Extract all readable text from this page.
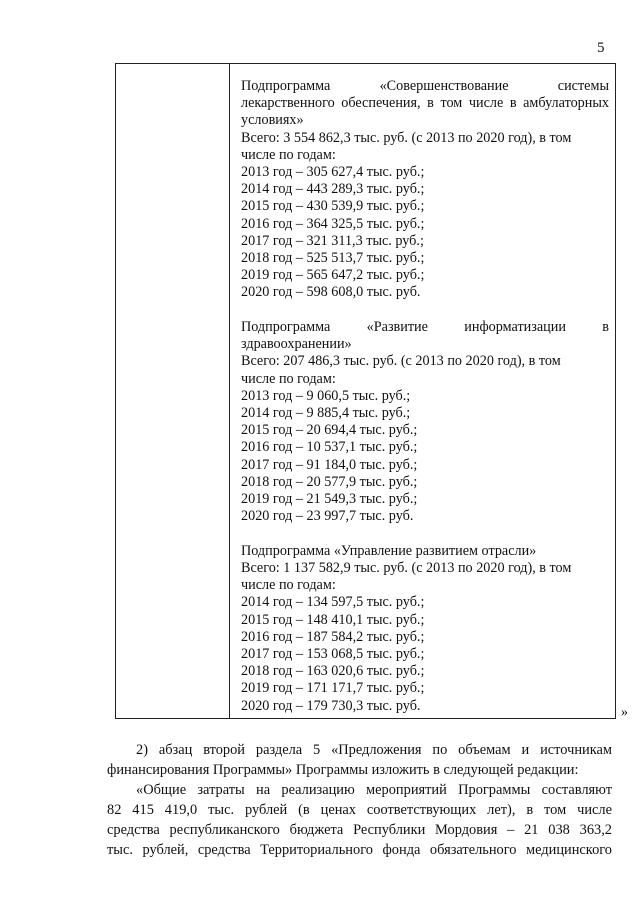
5
Подпрограмма «Совершенствование системы лекарственного обеспечения, в том числе в амбулаторных условиях»
Всего: 3 554 862,3 тыс. руб. (с 2013 по 2020 год), в том
числе по годам:
2013 год – 305 627,4 тыс. руб.;
2014 год – 443 289,3 тыс. руб.;
2015 год – 430 539,9 тыс. руб.;
2016 год – 364 325,5 тыс. руб.;
2017 год – 321 311,3 тыс. руб.;
2018 год – 525 513,7 тыс. руб.;
2019 год – 565 647,2 тыс. руб.;
2020 год – 598 608,0 тыс. руб.
Подпрограмма «Развитие информатизации в здравоохранении»
Всего: 207 486,3 тыс. руб. (с 2013 по 2020 год), в том
числе по годам:
2013 год – 9 060,5 тыс. руб.;
2014 год – 9 885,4 тыс. руб.;
2015 год – 20 694,4 тыс. руб.;
2016 год – 10 537,1 тыс. руб.;
2017 год – 91 184,0 тыс. руб.;
2018 год – 20 577,9 тыс. руб.;
2019 год – 21 549,3 тыс. руб.;
2020 год – 23 997,7 тыс. руб.
Подпрограмма «Управление развитием отрасли»
Всего: 1 137 582,9 тыс. руб. (с 2013 по 2020 год), в том
числе по годам:
2014 год – 134 597,5 тыс. руб.;
2015 год – 148 410,1 тыс. руб.;
2016 год – 187 584,2 тыс. руб.;
2017 год – 153 068,5 тыс. руб.;
2018 год – 163 020,6 тыс. руб.;
2019 год – 171 171,7 тыс. руб.;
2020 год – 179 730,3 тыс. руб.	»
2) абзац второй раздела 5 «Предложения по объемам и источникам
финансирования Программы» Программы изложить в следующей редакции:
«Общие затраты на реализацию мероприятий Программы составляют
82 415 419,0 тыс. рублей (в ценах соответствующих лет), в том числе
средства республиканского бюджета Республики Мордовия – 21 038 363,2
тыс. рублей, средства Территориального фонда обязательного медицинского
